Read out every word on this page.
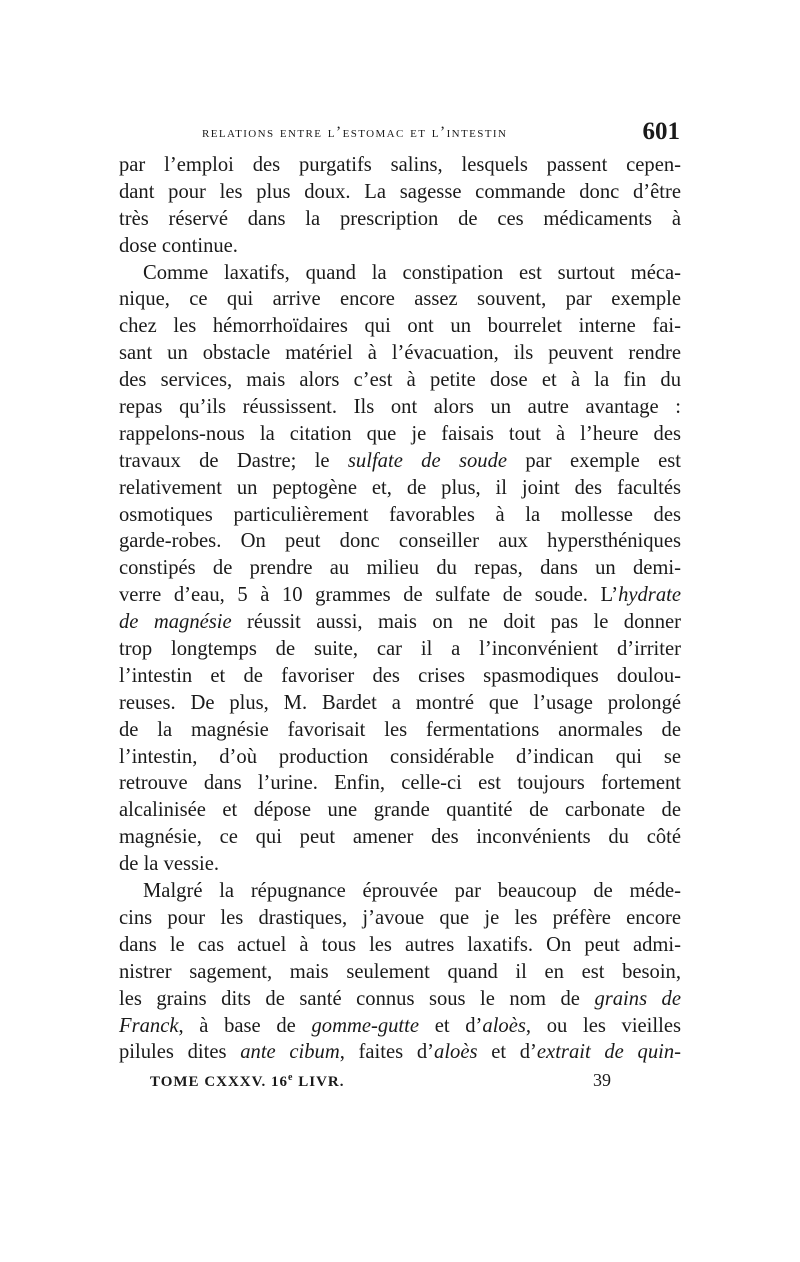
relations entre l’estomac et l’intestin	601
par l’emploi des purgatifs salins, lesquels passent cepen-
dant pour les plus doux. La sagesse commande donc d’être
très réservé dans la prescription de ces médicaments à
dose continue.
Comme laxatifs, quand la constipation est surtout méca-
nique, ce qui arrive encore assez souvent, par exemple
chez les hémorrhoïdaires qui ont un bourrelet interne fai-
sant un obstacle matériel à l’évacuation, ils peuvent rendre
des services, mais alors c’est à petite dose et à la fin du
repas qu’ils réussissent. Ils ont alors un autre avantage :
rappelons-nous la citation que je faisais tout à l’heure des
travaux de Dastre; le sulfate de soude par exemple est
relativement un peptogène et, de plus, il joint des facultés
osmotiques particulièrement favorables à la mollesse des
garde-robes. On peut donc conseiller aux hypersthéniques
constipés de prendre au milieu du repas, dans un demi-
verre d’eau, 5 à 10 grammes de sulfate de soude. L’hydrate
de magnésie réussit aussi, mais on ne doit pas le donner
trop longtemps de suite, car il a l’inconvénient d’irriter
l’intestin et de favoriser des crises spasmodiques doulou-
reuses. De plus, M. Bardet a montré que l’usage prolongé
de la magnésie favorisait les fermentations anormales de
l’intestin, d’où production considérable d’indican qui se
retrouve dans l’urine. Enfin, celle-ci est toujours fortement
alcalinisée et dépose une grande quantité de carbonate de
magnésie, ce qui peut amener des inconvénients du côté
de la vessie.
Malgré la répugnance éprouvée par beaucoup de méde-
cins pour les drastiques, j’avoue que je les préfère encore
dans le cas actuel à tous les autres laxatifs. On peut admi-
nistrer sagement, mais seulement quand il en est besoin,
les grains dits de santé connus sous le nom de grains de
Franck, à base de gomme-gutte et d’aloès, ou les vieilles
pilules dites ante cibum, faites d’aloès et d’extrait de quin-
TOME CXXXV. 16e LIVR.	39
